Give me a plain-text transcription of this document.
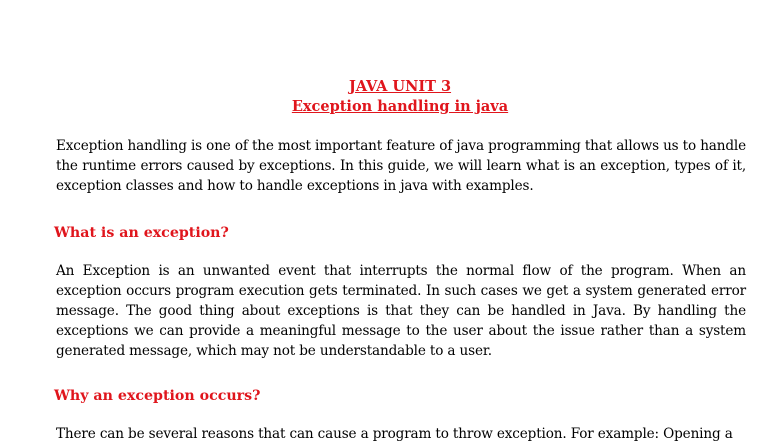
JAVA UNIT 3
Exception handling in java

Exception handling is one of the most important feature of java programming that allows us to handle the runtime errors caused by exceptions. In this guide, we will learn what is an exception, types of it, exception classes and how to handle exceptions in java with examples.

What is an exception?

An Exception is an unwanted event that interrupts the normal flow of the program. When an exception occurs program execution gets terminated. In such cases we get a system generated error message. The good thing about exceptions is that they can be handled in Java. By handling the exceptions we can provide a meaningful message to the user about the issue rather than a system generated message, which may not be understandable to a user.

Why an exception occurs?

There can be several reasons that can cause a program to throw exception. For example: Opening a
